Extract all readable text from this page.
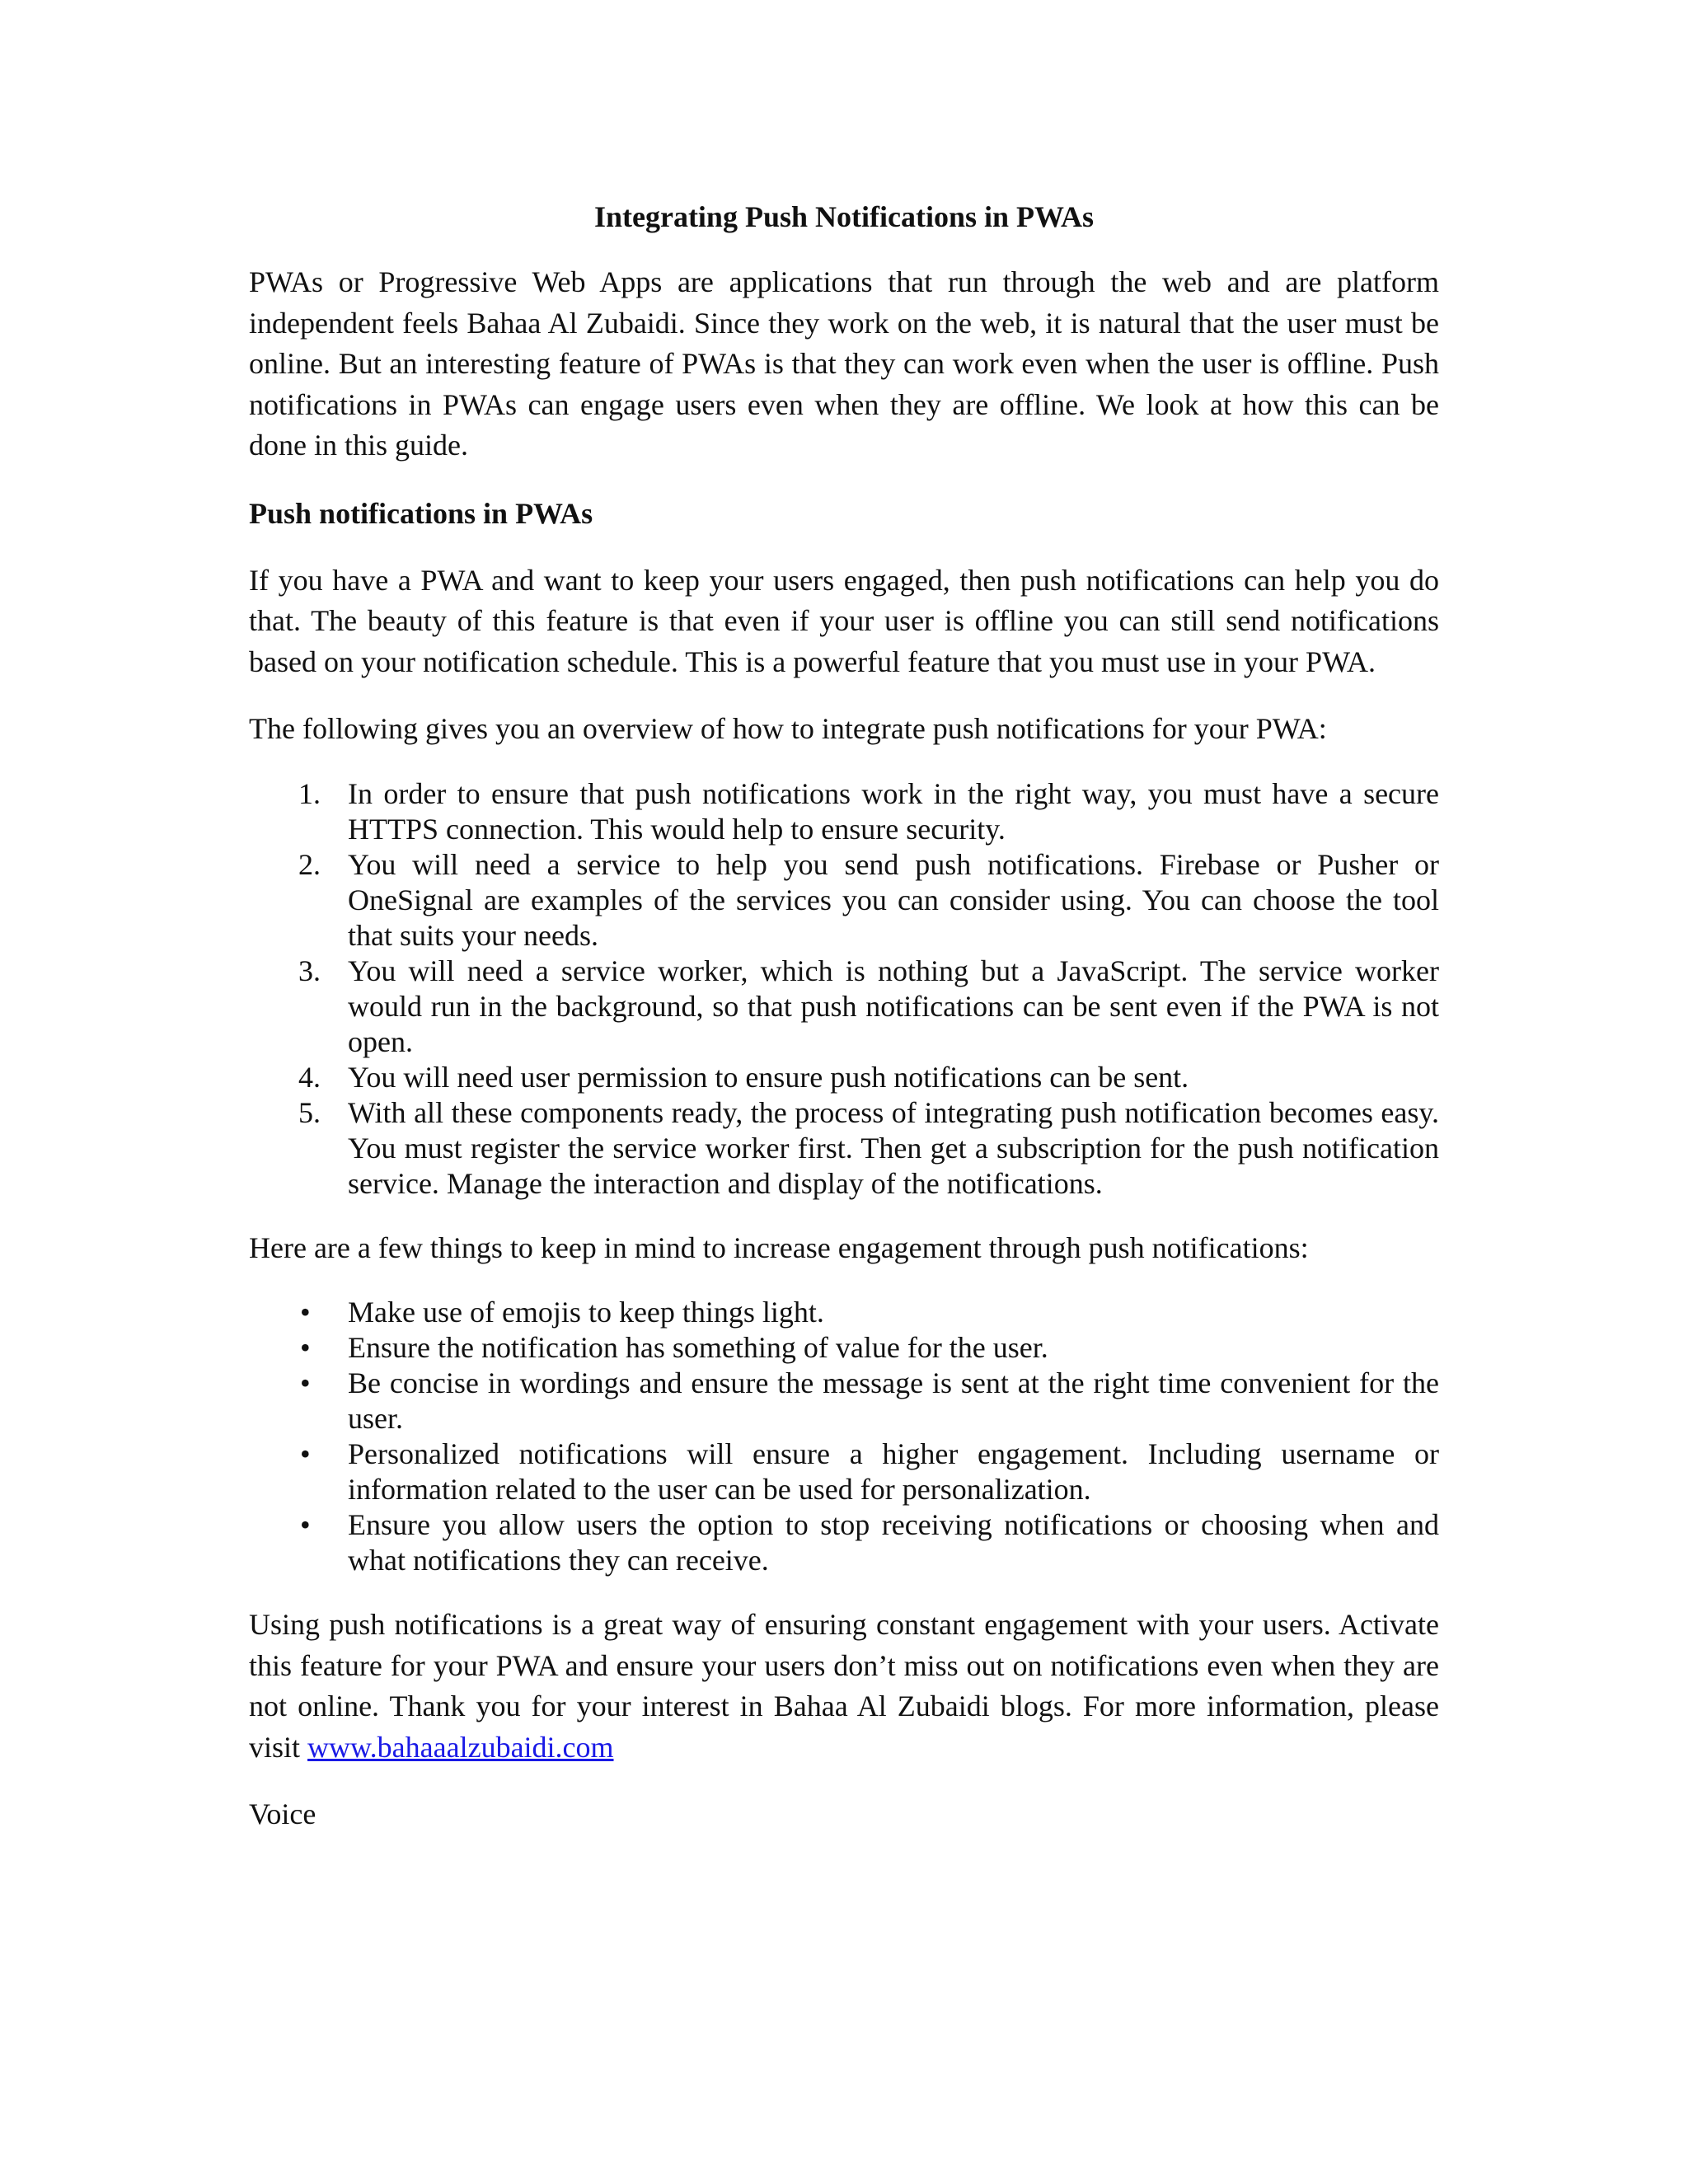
Integrating Push Notifications in PWAs

PWAs or Progressive Web Apps are applications that run through the web and are platform independent feels Bahaa Al Zubaidi. Since they work on the web, it is natural that the user must be online. But an interesting feature of PWAs is that they can work even when the user is offline. Push notifications in PWAs can engage users even when they are offline. We look at how this can be done in this guide.

Push notifications in PWAs

If you have a PWA and want to keep your users engaged, then push notifications can help you do that. The beauty of this feature is that even if your user is offline you can still send notifications based on your notification schedule. This is a powerful feature that you must use in your PWA.

The following gives you an overview of how to integrate push notifications for your PWA:

1. In order to ensure that push notifications work in the right way, you must have a secure HTTPS connection. This would help to ensure security.
2. You will need a service to help you send push notifications. Firebase or Pusher or OneSignal are examples of the services you can consider using. You can choose the tool that suits your needs.
3. You will need a service worker, which is nothing but a JavaScript. The service worker would run in the background, so that push notifications can be sent even if the PWA is not open.
4. You will need user permission to ensure push notifications can be sent.
5. With all these components ready, the process of integrating push notification becomes easy. You must register the service worker first. Then get a subscription for the push notification service. Manage the interaction and display of the notifications.

Here are a few things to keep in mind to increase engagement through push notifications:

• Make use of emojis to keep things light.
• Ensure the notification has something of value for the user.
• Be concise in wordings and ensure the message is sent at the right time convenient for the user.
• Personalized notifications will ensure a higher engagement. Including username or information related to the user can be used for personalization.
• Ensure you allow users the option to stop receiving notifications or choosing when and what notifications they can receive.

Using push notifications is a great way of ensuring constant engagement with your users. Activate this feature for your PWA and ensure your users don’t miss out on notifications even when they are not online. Thank you for your interest in Bahaa Al Zubaidi blogs. For more information, please visit www.bahaaalzubaidi.com

Voice
